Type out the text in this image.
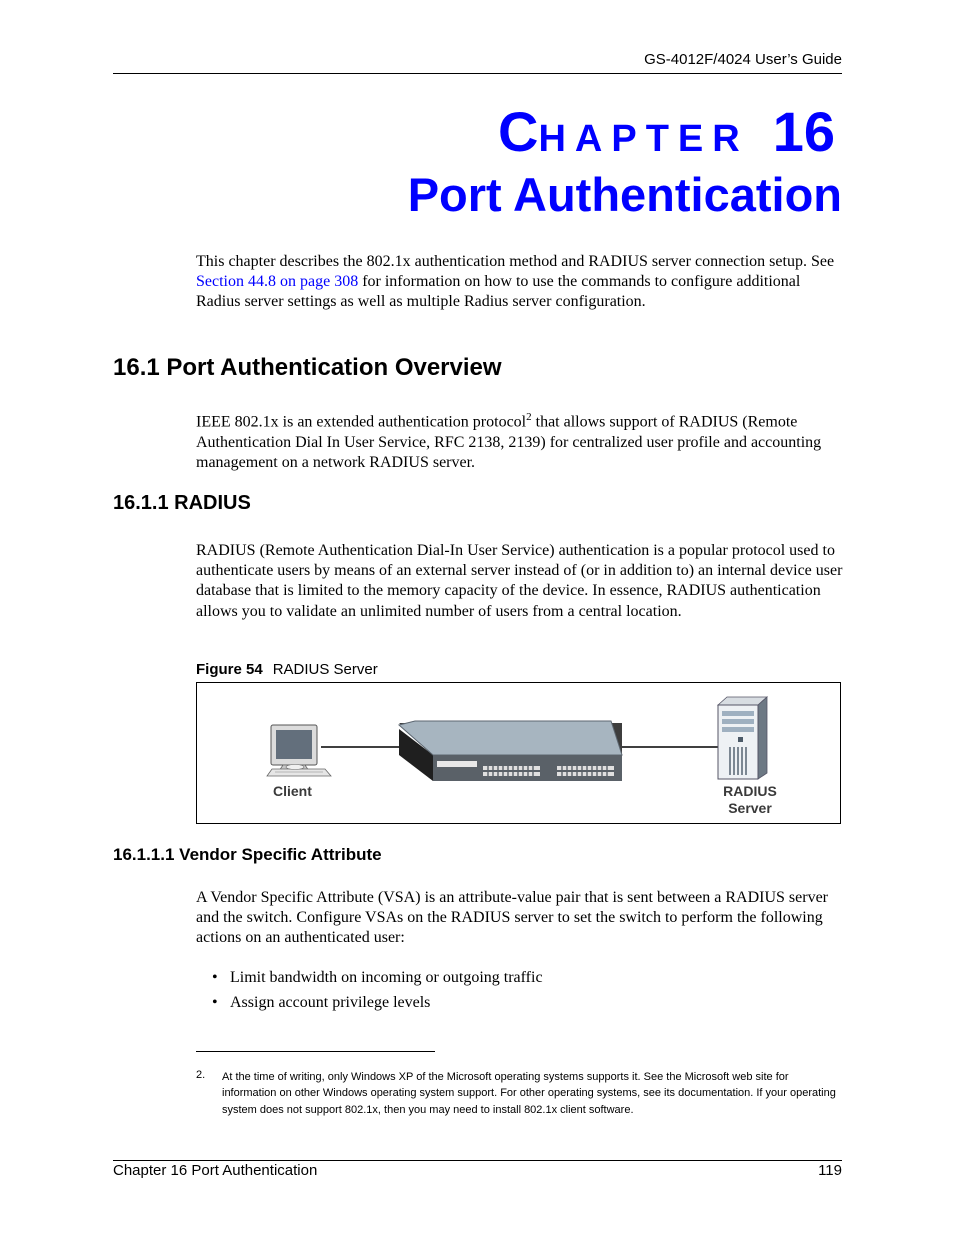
GS-4012F/4024 User’s Guide
CHAPTER 16
Port Authentication
This chapter describes the 802.1x authentication method and RADIUS server connection setup. See Section 44.8 on page 308 for information on how to use the commands to configure additional Radius server settings as well as multiple Radius server configuration.
16.1 Port Authentication Overview
IEEE 802.1x is an extended authentication protocol$^2$ that allows support of RADIUS (Remote Authentication Dial In User Service, RFC 2138, 2139) for centralized user profile and accounting management on a network RADIUS server.
16.1.1 RADIUS
RADIUS (Remote Authentication Dial-In User Service) authentication is a popular protocol used to authenticate users by means of an external server instead of (or in addition to) an internal device user database that is limited to the memory capacity of the device. In essence, RADIUS authentication allows you to validate an unlimited number of users from a central location.
Figure 54 RADIUS Server
Client	RADIUS
Server
16.1.1.1 Vendor Specific Attribute
A Vendor Specific Attribute (VSA) is an attribute-value pair that is sent between a RADIUS server and the switch. Configure VSAs on the RADIUS server to set the switch to perform the following actions on an authenticated user:
• Limit bandwidth on incoming or outgoing traffic
• Assign account privilege levels
2. At the time of writing, only Windows XP of the Microsoft operating systems supports it. See the Microsoft web site for information on other Windows operating system support. For other operating systems, see its documentation. If your operating system does not support 802.1x, then you may need to install 802.1x client software.
Chapter 16 Port Authentication	119
